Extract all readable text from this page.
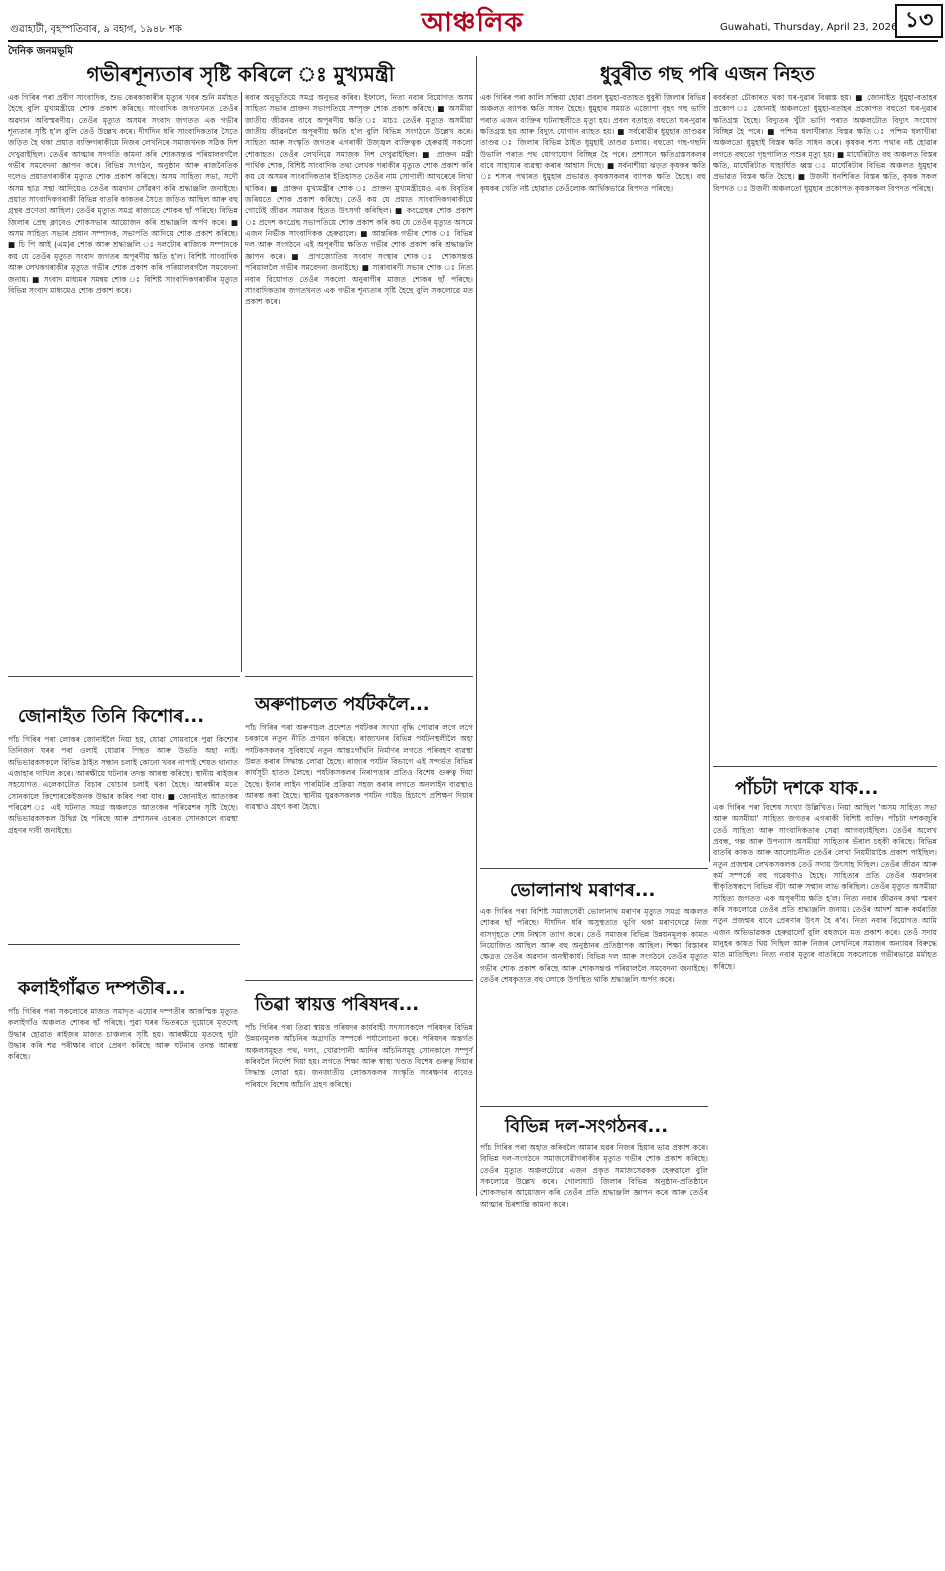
গুৱাহাটী, বৃহস্পতিবাৰ, ৯ বহাগ, ১৯৪৮ শক	আঞ্চলিক	Guwahati, Thursday, April 23, 2026 ১৩
দৈনিক জনমভূমি
গভীৰশূন্যতাৰ সৃষ্টি কৰিলে ঃ মুখ্যমন্ত্ৰী
এক গিৰিৰ পৰা প্ৰবীণ সাংবাদিক, শুভ কেৰকাকাৰীৰ মৃত্যুৰ খবৰ শুনি মৰ্মাহত হৈছে বুলি মুখ্যমন্ত্ৰীয়ে শোক প্ৰকাশ কৰিছে। সাংবাদিক জগতখনত তেওঁৰ অৱদান অবিস্মৰণীয়। তেওঁৰ মৃত্যুত অসমৰ সংবাদ জগতত এক গভীৰ শূন্যতাৰ সৃষ্টি হ'ল বুলি তেওঁ উল্লেখ কৰে। দীৰ্ঘদিন ধৰি সাংবাদিকতাৰ সৈতে জড়িত হৈ থকা প্ৰয়াত ব্যক্তিগৰাকীয়ে নিজৰ লেখনিৰে সমাজখনক সঠিক দিশ দেখুৱাইছিল। তেওঁৰ আত্মাৰ সদগতি কামনা কৰি শোকসন্তপ্ত পৰিয়ালবৰ্গলৈ গভীৰ সমবেদনা জ্ঞাপন কৰে। বিভিন্ন সংগঠন, অনুষ্ঠান আৰু ৰাজনৈতিক দলেও প্ৰয়াতগৰাকীৰ মৃত্যুত শোক প্ৰকাশ কৰিছে। অসম সাহিত্য সভা, সদৌ অসম ছাত্ৰ সন্থা আদিয়েও তেওঁৰ অৱদান সোঁৱৰণ কৰি শ্ৰদ্ধাঞ্জলি জনাইছে। প্ৰয়াত সাংবাদিকগৰাকী বিভিন্ন বাতৰি কাকতৰ সৈতে জড়িত আছিল আৰু বহু গ্ৰন্থৰ প্ৰণেতা আছিল। তেওঁৰ মৃত্যুত সমগ্ৰ ৰাজ্যতে শোকৰ ছাঁ পৰিছে। বিভিন্ন জিলাৰ প্ৰেছ ক্লাবেও শোকসভাৰ আয়োজন কৰি শ্ৰদ্ধাঞ্জলি অৰ্পণ কৰে। ■ অসম সাহিত্য সভাৰ প্ৰধান সম্পাদক, সভাপতি আদিয়ে শোক প্ৰকাশ কৰিছে। ■ চি পি আই (এম)ৰ শোক আৰু শ্ৰদ্ধাঞ্জলি ঃ দলটোৰ ৰাজ্যিক সম্পাদকে কয় যে তেওঁৰ মৃত্যুত সংবাদ জগতৰ অপূৰণীয় ক্ষতি হ'ল। বিশিষ্ট সাংবাদিক আৰু লেখকগৰাকীৰ মৃত্যুত গভীৰ শোক প্ৰকাশ কৰি পৰিয়ালবৰ্গলৈ সমবেদনা জনায়। ■ সংবাদ মাধ্যমৰ সমন্বয় শোক ঃ বিশিষ্ট সাংবাদিকগৰাকীৰ মৃত্যুত বিভিন্ন সংবাদ মাধ্যমেও শোক প্ৰকাশ কৰে।
ৰবাৰ অনুভূতিয়ে সমগ্ৰ অনুভৱ কৰিব। ইফালে, নিত্য নবাৰ বিয়োগত অসম সাহিত্য সভাৰ প্ৰাক্তন সভাপতিয়ে সম্পৃক্ত শোক প্ৰকাশ কৰিছে। ■ অসমীয়া জাতীয় জীৱনৰ বাবে অপূৰণীয় ক্ষতি ঃ মাচঃ তেওঁৰ মৃত্যুত অসমীয়া জাতীয় জীৱনলৈ অপূৰণীয় ক্ষতি হ'ল বুলি বিভিন্ন সংগঠনে উল্লেখ কৰে। সাহিত্য আৰু সংস্কৃতি জগতৰ এগৰাকী উজ্জ্বল ব্যক্তিত্বক হেৰুৱাই সকলো শোকাহত। তেওঁৰ লেখনিয়ে সমাজক দিশ দেখুৱাইছিল। ■ প্ৰাক্তন মন্ত্ৰী পাৰ্থিক শোক, বিশিষ্ট সাংবাদিক তথা লেখক গৰাকীৰ মৃত্যুত শোক প্ৰকাশ কৰি কয় যে অসমৰ সাংবাদিকতাৰ ইতিহাসত তেওঁৰ নাম সোণালী আখৰেৰে লিখা থাকিব। ■ প্ৰাক্তন মুখ্যমন্ত্ৰীৰ শোক ঃ প্ৰাক্তন মুখ্যমন্ত্ৰীয়েও এক বিবৃতিৰ জৰিয়তে শোক প্ৰকাশ কৰিছে। তেওঁ কয় যে প্ৰয়াত সাংবাদিকগৰাকীয়ে গোটেই জীৱন সমাজৰ হিতত উৎসৰ্গা কৰিছিল। ■ কংগ্ৰেছৰ শোক প্ৰকাশ ঃ প্ৰদেশ কংগ্ৰেছ সভাপতিয়ে শোক প্ৰকাশ কৰি কয় যে তেওঁৰ মৃত্যুত অসমে এজন নিৰ্ভীক সাংবাদিকক হেৰুৱালে। ■ আন্তৰিক গভীৰ শোক ঃ বিভিন্ন দল আৰু সংগঠনে এই অপূৰণীয় ক্ষতিত গভীৰ শোক প্ৰকাশ কৰি শ্ৰদ্ধাঞ্জলি জ্ঞাপন কৰে। ■ প্ৰাগজ্যোতিষ সংবাদ সংস্থাৰ শোক ঃ শোকসন্তপ্ত পৰিয়াললৈ গভীৰ সমবেদনা জনাইছে। ■ সাৰাবাৰণী সভাৰ শোক ঃ নিত্য নবাৰ বিয়োগত তেওঁৰ সকলো অনুৰাগীৰ মাজত শোকৰ ছাঁ পৰিছে। সাংবাদিকতাৰ জগতখনত এক গভীৰ শূন্যতাৰ সৃষ্টি হৈছে বুলি সকলোৱে মত প্ৰকাশ কৰে।
জোনাইত তিনি কিশোৰ...
পাঁচ গিৰিৰ পৰা লোকৰ জোনাইলৈ নিয়া হয়, যোৱা সোমবাৰে পুৱা কিশোৰ তিনিজন ঘৰৰ পৰা ওলাই যোৱাৰ পিছত আৰু উভতি অহা নাই। অভিভাৱকসকলে বিভিন্ন ঠাইত সন্ধান চলাই কোনো খবৰ নাপাই শেষত থানাত এজাহাৰ দাখিল কৰে। আৰক্ষীয়ে ঘটনাৰ তদন্ত আৰম্ভ কৰিছে। স্থানীয় ৰাইজৰ সহযোগত এলেকাটোত বিচাৰ খোচাৰ চলাই থকা হৈছে। আৰক্ষীৰ মতে সোনকালে কিশোৰকেইজনক উদ্ধাৰ কৰিব পৰা যাব। ■ জোনাইত আতংকৰ পৰিৱেশ ঃ এই ঘটনাত সমগ্ৰ অঞ্চলতে আতংকৰ পৰিৱেশৰ সৃষ্টি হৈছে। অভিভাৱকসকল উদ্বিগ্ন হৈ পৰিছে আৰু প্ৰশাসনৰ ওচৰত সোনকালে ব্যৱস্থা গ্ৰহণৰ দাবী জনাইছে।
কলাইগাঁৱত দম্পতীৰ...
পাঁচ গিৰিৰ পৰা সকলোৰে মাজত সমাদৃত এযোৰ দম্পতীৰ আকস্মিক মৃত্যুত কলাইগাঁও অঞ্চলত শোকৰ ছাঁ পৰিছে। পুৱা ঘৰৰ ভিতৰতে দুয়োৰে মৃতদেহ উদ্ধাৰ হোৱাত ৰাইজৰ মাজত চাঞ্চল্যৰ সৃষ্টি হয়। আৰক্ষীয়ে মৃতদেহ দুটা উদ্ধাৰ কৰি শৱ পৰীক্ষাৰ বাবে প্ৰেৰণ কৰিছে আৰু ঘটনাৰ তদন্ত আৰম্ভ কৰিছে।
অৰুণাচলত পৰ্যটকলৈ...
পাঁচ গিৰিৰ পৰা অৰুণাচল প্ৰদেশত পৰ্যটকৰ সংখ্যা বৃদ্ধি পোৱাৰ লগে লগে চৰকাৰে নতুন নীতি প্ৰণয়ন কৰিছে। ৰাজ্যখনৰ বিভিন্ন পৰ্যটনস্থলীলৈ অহা পৰ্যটকসকলৰ সুবিধাৰ্থে নতুন আন্তঃগাঁথনি নিৰ্মাণৰ লগতে পৰিবহণ ব্যৱস্থা উন্নত কৰাৰ সিদ্ধান্ত লোৱা হৈছে। ৰাজ্যৰ পৰ্যটন বিভাগে এই সন্দৰ্ভত বিভিন্ন কাৰ্যসূচী হাতত লৈছে। পৰ্যটকসকলৰ নিৰাপত্তাৰ প্ৰতিও বিশেষ গুৰুত্ব দিয়া হৈছে। ইনাৰ লাইন পাৰমিটৰ প্ৰক্ৰিয়া সহজ কৰাৰ লগতে অনলাইন ব্যৱস্থাও আৰম্ভ কৰা হৈছে। স্থানীয় যুৱকসকলক পৰ্যটন গাইড হিচাপে প্ৰশিক্ষণ দিয়াৰ ব্যৱস্থাও গ্ৰহণ কৰা হৈছে।
তিৱা স্বায়ত্ত পৰিষদৰ...
পাঁচ গিৰিৰ পৰা তিৱা স্বায়ত্ত পৰিষদৰ কাৰ্যবাহী সদস্যসকলে পৰিষদৰ বিভিন্ন উন্নয়নমূলক আঁচনিৰ অগ্ৰগতি সম্পৰ্কে পৰ্যালোচনা কৰে। পৰিষদৰ অন্তৰ্গত অঞ্চলসমূহত পথ, দলং, খোৱাপানী আদিৰ আঁচনিসমূহ সোনকালে সম্পূৰ্ণ কৰিবলৈ নিৰ্দেশ দিয়া হয়। লগতে শিক্ষা আৰু স্বাস্থ্য খণ্ডত বিশেষ গুৰুত্ব দিয়াৰ সিদ্ধান্ত লোৱা হয়। জনজাতীয় লোকসকলৰ সংস্কৃতি সংৰক্ষণৰ বাবেও পৰিষদে বিশেষ আঁচনি গ্ৰহণ কৰিছে।
ধুবুৰীত গছ পৰি এজন নিহত
এক গিৰিৰ পৰা কালি সন্ধিয়া হোৱা প্ৰবল ধুমুহা-বতাহত ধুবুৰী জিলাৰ বিভিন্ন অঞ্চলত ব্যাপক ক্ষতি সাধন হৈছে। ধুমুহাৰ সময়ত এজোপা বৃহৎ গছ ভাগি পৰাত এজন ব্যক্তিৰ ঘটনাস্থলীতে মৃত্যু হয়। প্ৰবল বতাহত বহুতো ঘৰ-দুৱাৰ ক্ষতিগ্ৰস্ত হয় আৰু বিদ্যুৎ যোগান ব্যাহত হয়। ■ সৰ্বৰোৱীৰ ধুমুহাৰ তাণ্ডৱৰ তাণ্ডৱ ঃ জিলাৰ বিভিন্ন ঠাইত ধুমুহাই তাণ্ডৱ চলায়। বহুতো গছ-গছনি উভালি পৰাত পথ যোগাযোগ বিচ্ছিন্ন হৈ পৰে। প্ৰশাসনে ক্ষতিগ্ৰস্তসকলৰ বাবে সাহায্যৰ ব্যৱস্থা কৰাৰ আশ্বাস দিছে। ■ সৰ্বনাশীয়া ঝড়ত কৃষকৰ ক্ষতি ঃ শস্যৰ পথাৰত ধুমুহাৰ প্ৰভাৱত কৃষকসকলৰ ব্যাপক ক্ষতি হৈছে। বহু কৃষকৰ খেতি নষ্ট হোৱাত তেওঁলোক আৰ্থিকভাৱে বিপদত পৰিছে।
ৰবৰ্বৰতা চৌকাৰত থকা ঘৰ-দুৱাৰ বিধ্বস্ত হয়। ■ জোনাইত ধুমুহা-বতাহৰ প্ৰকোপ ঃ জোনাই অঞ্চলতো ধুমুহা-বতাহৰ প্ৰকোপত বহুতো ঘৰ-দুৱাৰ ক্ষতিগ্ৰস্ত হৈছে। বিদ্যুতৰ খুঁটা ভাগি পৰাত অঞ্চলটোত বিদ্যুৎ সংযোগ বিচ্ছিন্ন হৈ পৰে। ■ পশ্চিম ধলাখীৰাত বিস্তৰ ক্ষতি ঃ পশ্চিম ধলাখীৰা অঞ্চলতো ধুমুহাই বিস্তৰ ক্ষতি সাধন কৰে। কৃষকৰ শস্য পথাৰ নষ্ট হোৱাৰ লগতে বহুতো গৃহপালিত পশুৰ মৃত্যু হয়। ■ মাৰ্ঘেৰিটাত বহু অঞ্চলত বিস্তৰ ক্ষতি, মাৰ্ঘেৰিটাত ঘাহাৰ্ঘিত ধ্বস্ত ঃ মাৰ্ঘেৰিটাৰ বিভিন্ন অঞ্চলত ধুমুহাৰ প্ৰভাৱত বিস্তৰ ক্ষতি হৈছে। ■ উজনী ধনশিৰিত বিস্তৰ ক্ষতি, কৃষক সকল বিপদত ঃ উজনী অঞ্চলতো ধুমুহাৰ প্ৰকোপত কৃষকসকল বিপদত পৰিছে।
ভোলানাথ মৰাণৰ...
এক গিৰিৰ পৰা বিশিষ্ট সমাজসেৱী ভোলানাথ মৰাণৰ মৃত্যুত সমগ্ৰ অঞ্চলত শোকৰ ছাঁ পৰিছে। দীৰ্ঘদিন ধৰি অসুস্থতাত ভুগি থকা মৰাণদেৱে নিজ বাসগৃহতে শেষ নিশ্বাস ত্যাগ কৰে। তেওঁ সমাজৰ বিভিন্ন উন্নয়নমূলক কামত নিয়োজিত আছিল আৰু বহু অনুষ্ঠানৰ প্ৰতিষ্ঠাপক আছিল। শিক্ষা বিস্তাৰৰ ক্ষেত্ৰত তেওঁৰ অৱদান অনস্বীকাৰ্য। বিভিন্ন দল আৰু সংগঠনে তেওঁৰ মৃত্যুত গভীৰ শোক প্ৰকাশ কৰিছে আৰু শোকসন্তপ্ত পৰিয়াললৈ সমবেদনা জনাইছে। তেওঁৰ শেষকৃত্যত বহু লোকে উপস্থিত থাকি শ্ৰদ্ধাঞ্জলি অৰ্পণ কৰে।
বিভিন্ন দল-সংগঠনৰ...
পাঁচ গিৰিৰ পৰা অহাত কৰিবলৈ আমাৰ হুৱৰ নিজৰ হিয়াৰ ভাৱ প্ৰকাশ কৰে। বিভিন্ন দল-সংগঠনে সমাজসেৱীগৰাকীৰ মৃত্যুত গভীৰ শোক প্ৰকাশ কৰিছে। তেওঁৰ মৃত্যুত অঞ্চলটোৱে এজন প্ৰকৃত সমাজসেৱকক হেৰুৱালে বুলি সকলোৱে উল্লেখ কৰে। গোলাঘাট জিলাৰ বিভিন্ন অনুষ্ঠান-প্ৰতিষ্ঠানে শোকসভাৰ আয়োজন কৰি তেওঁৰ প্ৰতি শ্ৰদ্ধাঞ্জলি জ্ঞাপন কৰে আৰু তেওঁৰ আত্মাৰ চিৰশান্তি কামনা কৰে।
পাঁচটা দশকে যাক...
এক গিৰিৰ পৰা বিশেষ সংখ্যা উল্লিখিত। নিয়া আছিল 'অসম সাহিত্য সভা আৰু অসমীয়া' সাহিত্য জগতৰ এগৰাকী বিশিষ্ট ব্যক্তি। পাঁচটা দশকজুৰি তেওঁ সাহিত্য আৰু সাংবাদিকতাৰ সেৱা আগবঢ়াইছিল। তেওঁৰ অলেখ প্ৰবন্ধ, গল্প আৰু উপন্যাস অসমীয়া সাহিত্যৰ ভঁৰাল চহকী কৰিছে। বিভিন্ন বাতৰি কাকত আৰু আলোচনীত তেওঁৰ লেখা নিয়মীয়াকৈ প্ৰকাশ পাইছিল। নতুন প্ৰজন্মৰ লেখকসকলক তেওঁ সদায় উৎসাহ দিছিল। তেওঁৰ জীৱন আৰু কৰ্ম সম্পৰ্কে বহু গৱেষণাও হৈছে। সাহিত্যৰ প্ৰতি তেওঁৰ অৱদানৰ স্বীকৃতিস্বৰূপে বিভিন্ন বঁটা আৰু সন্মান লাভ কৰিছিল। তেওঁৰ মৃত্যুত অসমীয়া সাহিত্য জগতত এক অপূৰণীয় ক্ষতি হ'ল। নিত্য নবাৰ জীৱনৰ কথা স্মৰণ কৰি সকলোৱে তেওঁৰ প্ৰতি শ্ৰদ্ধাঞ্জলি জনায়। তেওঁৰ আদৰ্শ আৰু কৰ্মৰাজি নতুন প্ৰজন্মৰ বাবে প্ৰেৰণাৰ উৎস হৈ ৰ'ব। নিত্য নবাৰ বিয়োগত আমি এজন অভিভাৱকক হেৰুৱালোঁ বুলি বহুজনে মত প্ৰকাশ কৰে। তেওঁ সদায় মানুহৰ কাষত থিয় দিছিল আৰু নিজৰ লেখনিৰে সমাজৰ অন্যায়ৰ বিৰুদ্ধে মাত মাতিছিল। নিত্য নবাৰ মৃত্যুৰ বাতৰিয়ে সকলোকে গভীৰভাৱে মৰ্মাহত কৰিছে।
